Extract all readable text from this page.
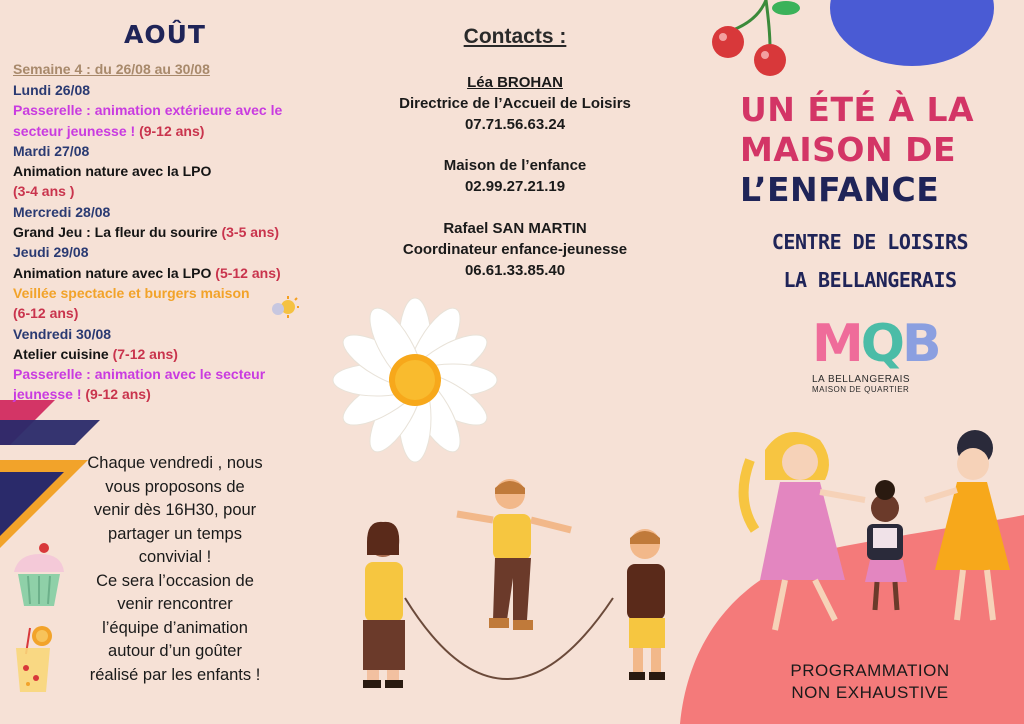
AOÛT
Semaine 4 : du 26/08 au 30/08
Lundi 26/08
Passerelle : animation extérieure avec le
secteur jeunesse ! (9-12 ans)
Mardi 27/08
Animation nature avec la LPO
(3-4 ans )
Mercredi 28/08
Grand Jeu : La fleur du sourire (3-5 ans)
Jeudi 29/08
Animation nature avec la LPO (5-12 ans)
Veillée spectacle et burgers maison
(6-12 ans)
Vendredi 30/08
Atelier cuisine (7-12 ans)
Passerelle : animation avec le secteur
jeunesse ! (9-12 ans)
Chaque vendredi , nous
vous proposons de
venir dès 16H30, pour
partager un temps
convivial !
Ce sera l’occasion de
venir rencontrer
l’équipe d’animation
autour d’un goûter
réalisé par les enfants !
Contacts :
Léa BROHAN
Directrice de l’Accueil de Loisirs
07.71.56.63.24
Maison de l’enfance
02.99.27.21.19
Rafael SAN MARTIN
Coordinateur enfance-jeunesse
06.61.33.85.40
UN ÉTÉ À LA
MAISON DE
L’ENFANCE
CENTRE DE LOISIRS
LA BELLANGERAIS
MQB
LA BELLANGERAIS
MAISON DE QUARTIER
PROGRAMMATION
NON EXHAUSTIVE
